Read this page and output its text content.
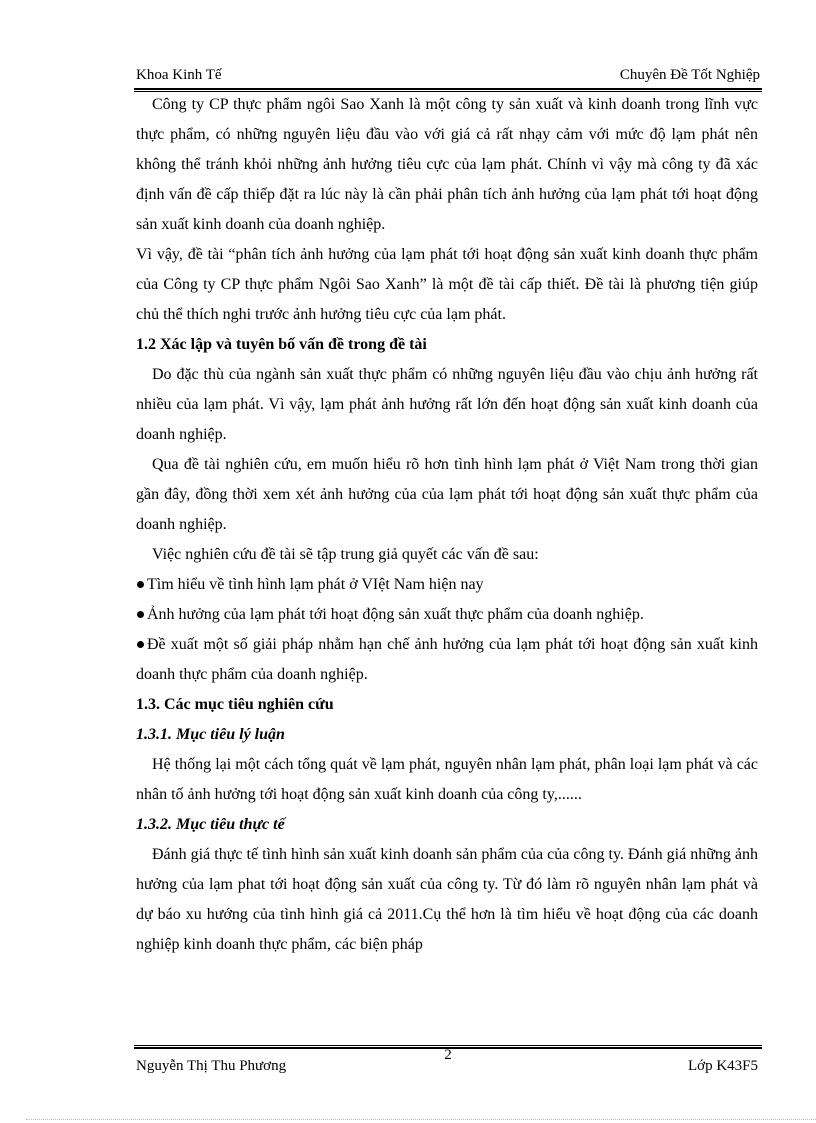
Khoa Kinh Tế	Chuyên Đề Tốt Nghiệp

Công ty CP thực phẩm ngôi Sao Xanh là một công ty sản xuất và kinh doanh trong lĩnh vực thực phẩm, có những nguyên liệu đầu vào với giá cả rất nhạy cảm với mức độ lạm phát nên không thể tránh khỏi những ảnh hưởng tiêu cực của lạm phát. Chính vì vậy mà công ty đã xác định vấn đề cấp thiếp đặt ra lúc này là cần phải phân tích ảnh hưởng của lạm phát tới hoạt động sản xuất kinh doanh của doanh nghiệp.

Vì vậy, đề tài “phân tích ảnh hưởng của lạm phát tới hoạt động sản xuất kinh doanh thực phẩm của Công ty CP thực phẩm Ngôi Sao Xanh” là một đề tài cấp thiết. Đề tài là phương tiện giúp chủ thể thích nghi trước ảnh hưởng tiêu cực của lạm phát.

1.2 Xác lập và tuyên bố vấn đề trong đề tài

Do đặc thù của ngành sản xuất thực phẩm có những nguyên liệu đầu vào chịu ảnh hưởng rất nhiều của lạm phát. Vì vậy, lạm phát ảnh hưởng rất lớn đến hoạt động sản xuất kinh doanh của doanh nghiệp.

Qua đề tài nghiên cứu, em muốn hiểu rõ hơn tình hình lạm phát ở Việt Nam trong thời gian gần đây, đồng thời xem xét ảnh hưởng của của lạm phát tới hoạt động sản xuất thực phẩm của doanh nghiệp.

Việc nghiên cứu đề tài sẽ tập trung giả quyết các vấn đề sau:

Tìm hiểu về tình hình lạm phát ở VIệt Nam hiện nay

Ảnh hưởng của lạm phát tới hoạt động sản xuất thực phẩm của doanh nghiệp.

Đề xuất một số giải pháp nhằm hạn chế ảnh hưởng của lạm phát tới hoạt động sản xuất kinh doanh thực phẩm của doanh nghiệp.

1.3. Các mục tiêu nghiên cứu

1.3.1. Mục tiêu lý luận

Hệ thống lại một cách tổng quát về lạm phát, nguyên nhân lạm phát, phân loại lạm phát và các nhân tố ảnh hưởng tới hoạt động sản xuất kinh doanh của công ty,......

1.3.2. Mục tiêu thực tế

Đánh giá thực tế tình hình sản xuất kinh doanh sản phẩm của của công ty. Đánh giá những ảnh hưởng của lạm phat tới hoạt động sản xuất của công ty. Từ đó làm rõ nguyên nhân lạm phát và dự báo xu hướng của tình hình giá cả 2011.Cụ thể hơn là tìm hiểu về hoạt động của các doanh nghiệp kinh doanh thực phẩm, các biện pháp

2
Nguyễn Thị Thu Phương	Lớp K43F5
